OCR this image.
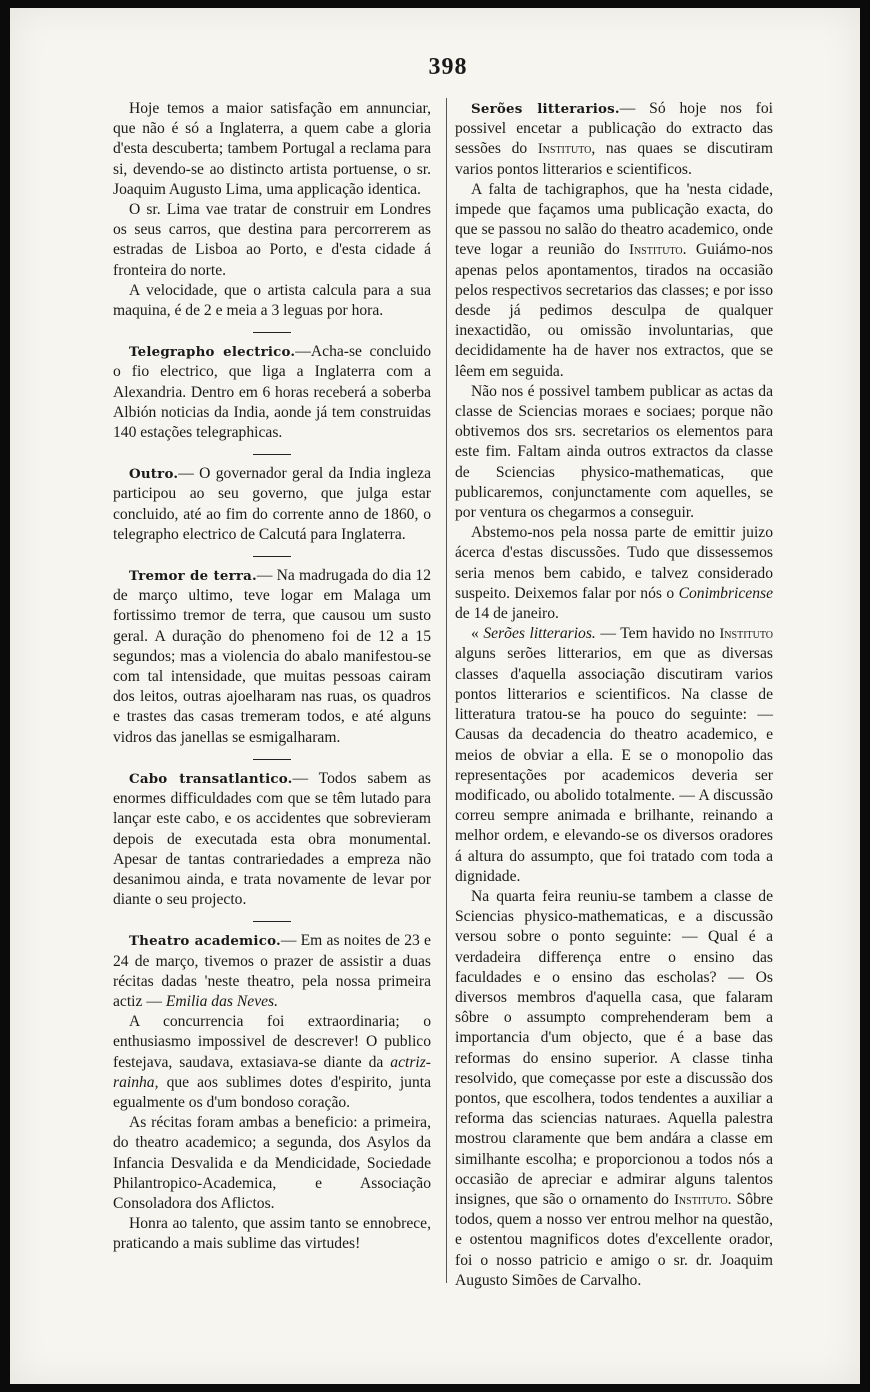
398

Hoje temos a maior satisfação em annunciar, que não é só a Inglaterra, a quem cabe a gloria d'esta descuberta; tambem Portugal a reclama para si, devendo-se ao distincto artista portuense, o sr. Joaquim Augusto Lima, uma applicação identica.

O sr. Lima vae tratar de construir em Londres os seus carros, que destina para percorrerem as estradas de Lisboa ao Porto, e d'esta cidade á fronteira do norte.

A velocidade, que o artista calcula para a sua maquina, é de 2 e meia a 3 leguas por hora.

Telegrapho electrico.—Acha-se concluido o fio electrico, que liga a Inglaterra com a Alexandria. Dentro em 6 horas receberá a soberba Albión noticias da India, aonde já tem construidas 140 estações telegraphicas.

Outro.— O governador geral da India ingleza participou ao seu governo, que julga estar concluido, até ao fim do corrente anno de 1860, o telegrapho electrico de Calcutá para Inglaterra.

Tremor de terra.— Na madrugada do dia 12 de março ultimo, teve logar em Malaga um fortissimo tremor de terra, que causou um susto geral. A duração do phenomeno foi de 12 a 15 segundos; mas a violencia do abalo manifestou-se com tal intensidade, que muitas pessoas cairam dos leitos, outras ajoelharam nas ruas, os quadros e trastes das casas tremeram todos, e até alguns vidros das janellas se esmigalharam.

Cabo transatlantico.— Todos sabem as enormes difficuldades com que se têm lutado para lançar este cabo, e os accidentes que sobrevieram depois de executada esta obra monumental. Apesar de tantas contrariedades a empreza não desanimou ainda, e trata novamente de levar por diante o seu projecto.

Theatro academico.— Em as noites de 23 e 24 de março, tivemos o prazer de assistir a duas récitas dadas 'neste theatro, pela nossa primeira actiz — Emilia das Neves.

A concurrencia foi extraordinaria; o enthusiasmo impossivel de descrever! O publico festejava, saudava, extasiava-se diante da actriz-rainha, que aos sublimes dotes d'espirito, junta egualmente os d'um bondoso coração.

As récitas foram ambas a beneficio: a primeira, do theatro academico; a segunda, dos Asylos da Infancia Desvalida e da Mendicidade, Sociedade Philantropico-Academica, e Associação Consoladora dos Aflictos.

Honra ao talento, que assim tanto se ennobrece, praticando a mais sublime das virtudes!

Serões litterarios.— Só hoje nos foi possivel encetar a publicação do extracto das sessões do Instituto, nas quaes se discutiram varios pontos litterarios e scientificos.

A falta de tachigraphos, que ha 'nesta cidade, impede que façamos uma publicação exacta, do que se passou no salão do theatro academico, onde teve logar a reunião do Instituto. Guiámo-nos apenas pelos apontamentos, tirados na occasião pelos respectivos secretarios das classes; e por isso desde já pedimos desculpa de qualquer inexactidão, ou omissão involuntarias, que decididamente ha de haver nos extractos, que se lêem em seguida.

Não nos é possivel tambem publicar as actas da classe de Sciencias moraes e sociaes; porque não obtivemos dos srs. secretarios os elementos para este fim. Faltam ainda outros extractos da classe de Sciencias physico-mathematicas, que publicaremos, conjunctamente com aquelles, se por ventura os chegarmos a conseguir.

Abstemo-nos pela nossa parte de emittir juizo ácerca d'estas discussões. Tudo que dissessemos seria menos bem cabido, e talvez considerado suspeito. Deixemos falar por nós o Conimbricense de 14 de janeiro.

« Serões litterarios. — Tem havido no Instituto alguns serões litterarios, em que as diversas classes d'aquella associação discutiram varios pontos litterarios e scientificos. Na classe de litteratura tratou-se ha pouco do seguinte: — Causas da decadencia do theatro academico, e meios de obviar a ella. E se o monopolio das representações por academicos deveria ser modificado, ou abolido totalmente. — A discussão correu sempre animada e brilhante, reinando a melhor ordem, e elevando-se os diversos oradores á altura do assumpto, que foi tratado com toda a dignidade.

Na quarta feira reuniu-se tambem a classe de Sciencias physico-mathematicas, e a discussão versou sobre o ponto seguinte: — Qual é a verdadeira differença entre o ensino das faculdades e o ensino das escholas? — Os diversos membros d'aquella casa, que falaram sôbre o assumpto comprehenderam bem a importancia d'um objecto, que é a base das reformas do ensino superior. A classe tinha resolvido, que começasse por este a discussão dos pontos, que escolhera, todos tendentes a auxiliar a reforma das sciencias naturaes. Aquella palestra mostrou claramente que bem andára a classe em similhante escolha; e proporcionou a todos nós a occasião de apreciar e admirar alguns talentos insignes, que são o ornamento do Instituto. Sôbre todos, quem a nosso ver entrou melhor na questão, e ostentou magnificos dotes d'excellente orador, foi o nosso patricio e amigo o sr. dr. Joaquim Augusto Simões de Carvalho.
